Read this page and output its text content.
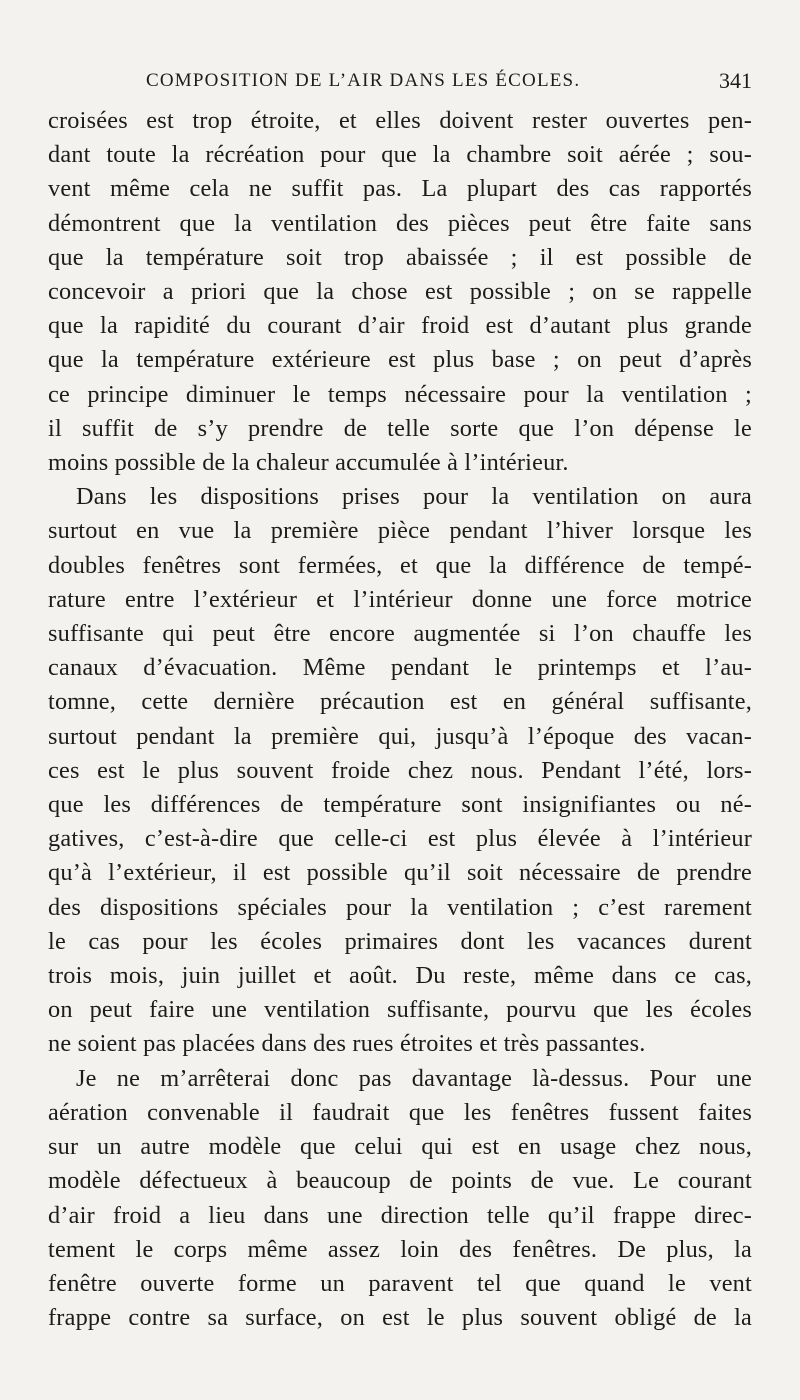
COMPOSITION DE L’AIR DANS LES ÉCOLES.	341

croisées est trop étroite, et elles doivent rester ouvertes pen-
dant toute la récréation pour que la chambre soit aérée ; sou-
vent même cela ne suffit pas. La plupart des cas rapportés
démontrent que la ventilation des pièces peut être faite sans
que la température soit trop abaissée ; il est possible de
concevoir a priori que la chose est possible ; on se rappelle
que la rapidité du courant d’air froid est d’autant plus grande
que la température extérieure est plus base ; on peut d’après
ce principe diminuer le temps nécessaire pour la ventilation ;
il suffit de s’y prendre de telle sorte que l’on dépense le
moins possible de la chaleur accumulée à l’intérieur.

Dans les dispositions prises pour la ventilation on aura
surtout en vue la première pièce pendant l’hiver lorsque les
doubles fenêtres sont fermées, et que la différence de tempé-
rature entre l’extérieur et l’intérieur donne une force motrice
suffisante qui peut être encore augmentée si l’on chauffe les
canaux d’évacuation. Même pendant le printemps et l’au-
tomne, cette dernière précaution est en général suffisante,
surtout pendant la première qui, jusqu’à l’époque des vacan-
ces est le plus souvent froide chez nous. Pendant l’été, lors-
que les différences de température sont insignifiantes ou né-
gatives, c’est-à-dire que celle-ci est plus élevée à l’intérieur
qu’à l’extérieur, il est possible qu’il soit nécessaire de prendre
des dispositions spéciales pour la ventilation ; c’est rarement
le cas pour les écoles primaires dont les vacances durent
trois mois, juin juillet et août. Du reste, même dans ce cas,
on peut faire une ventilation suffisante, pourvu que les écoles
ne soient pas placées dans des rues étroites et très passantes.

Je ne m’arrêterai donc pas davantage là-dessus. Pour une
aération convenable il faudrait que les fenêtres fussent faites
sur un autre modèle que celui qui est en usage chez nous,
modèle défectueux à beaucoup de points de vue. Le courant
d’air froid a lieu dans une direction telle qu’il frappe direc-
tement le corps même assez loin des fenêtres. De plus, la
fenêtre ouverte forme un paravent tel que quand le vent
frappe contre sa surface, on est le plus souvent obligé de la
